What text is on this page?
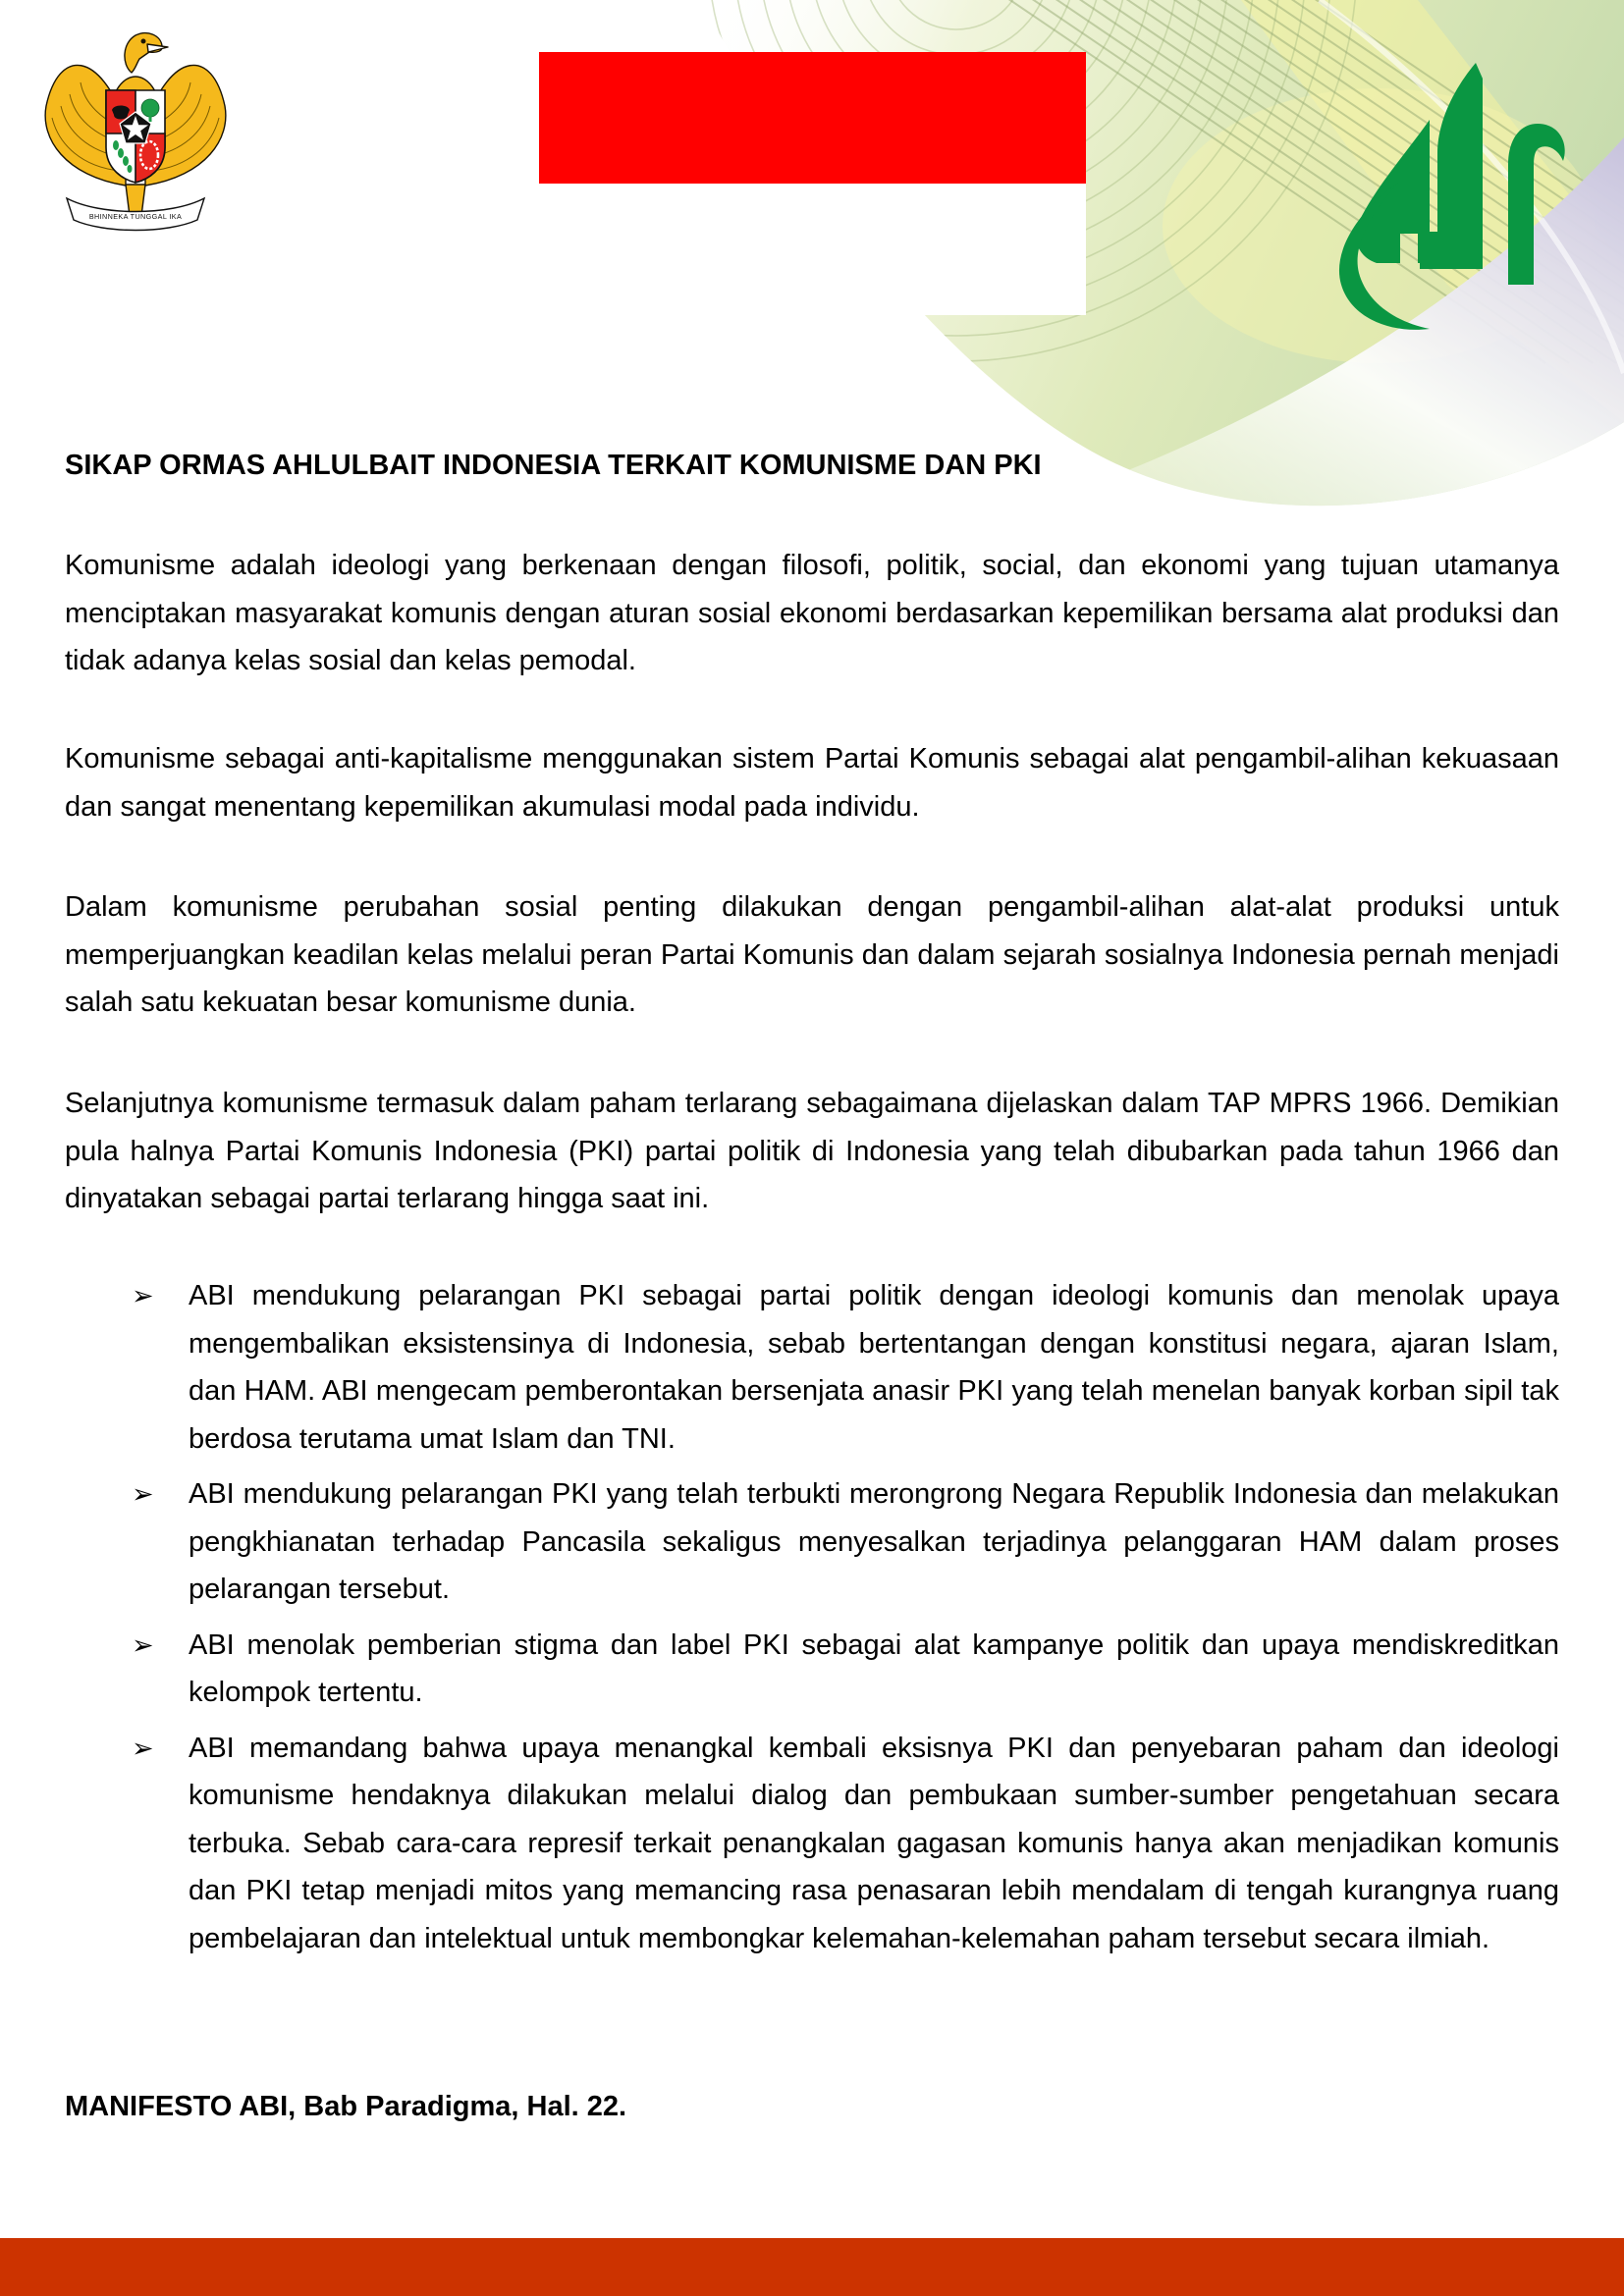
BHINNEKA TUNGGAL IKA
SIKAP ORMAS AHLULBAIT INDONESIA TERKAIT KOMUNISME DAN PKI

Komunisme adalah ideologi yang berkenaan dengan filosofi, politik, social, dan ekonomi yang tujuan utamanya menciptakan masyarakat komunis dengan aturan sosial ekonomi berdasarkan kepemilikan bersama alat produksi dan tidak adanya kelas sosial dan kelas pemodal.

Komunisme sebagai anti-kapitalisme menggunakan sistem Partai Komunis sebagai alat pengambil-alihan kekuasaan dan sangat menentang kepemilikan akumulasi modal pada individu.

Dalam komunisme perubahan sosial penting dilakukan dengan pengambil-alihan alat-alat produksi untuk memperjuangkan keadilan kelas melalui peran Partai Komunis dan dalam sejarah sosialnya Indonesia pernah menjadi salah satu kekuatan besar komunisme dunia.

Selanjutnya komunisme termasuk dalam paham terlarang sebagaimana dijelaskan dalam TAP MPRS 1966. Demikian pula halnya Partai Komunis Indonesia (PKI) partai politik di Indonesia yang telah dibubarkan pada tahun 1966 dan dinyatakan sebagai partai terlarang hingga saat ini.

➢ ABI mendukung pelarangan PKI sebagai partai politik dengan ideologi komunis dan menolak upaya mengembalikan eksistensinya di Indonesia, sebab bertentangan dengan konstitusi negara, ajaran Islam, dan HAM. ABI mengecam pemberontakan bersenjata anasir PKI yang telah menelan banyak korban sipil tak berdosa terutama umat Islam dan TNI.
➢ ABI mendukung pelarangan PKI yang telah terbukti merongrong Negara Republik Indonesia dan melakukan pengkhianatan terhadap Pancasila sekaligus menyesalkan terjadinya pelanggaran HAM dalam proses pelarangan tersebut.
➢ ABI menolak pemberian stigma dan label PKI sebagai alat kampanye politik dan upaya mendiskreditkan kelompok tertentu.
➢ ABI memandang bahwa upaya menangkal kembali eksisnya PKI dan penyebaran paham dan ideologi komunisme hendaknya dilakukan melalui dialog dan pembukaan sumber-sumber pengetahuan secara terbuka. Sebab cara-cara represif terkait penangkalan gagasan komunis hanya akan menjadikan komunis dan PKI tetap menjadi mitos yang memancing rasa penasaran lebih mendalam di tengah kurangnya ruang pembelajaran dan intelektual untuk membongkar kelemahan-kelemahan paham tersebut secara ilmiah.

MANIFESTO ABI, Bab Paradigma, Hal. 22.
